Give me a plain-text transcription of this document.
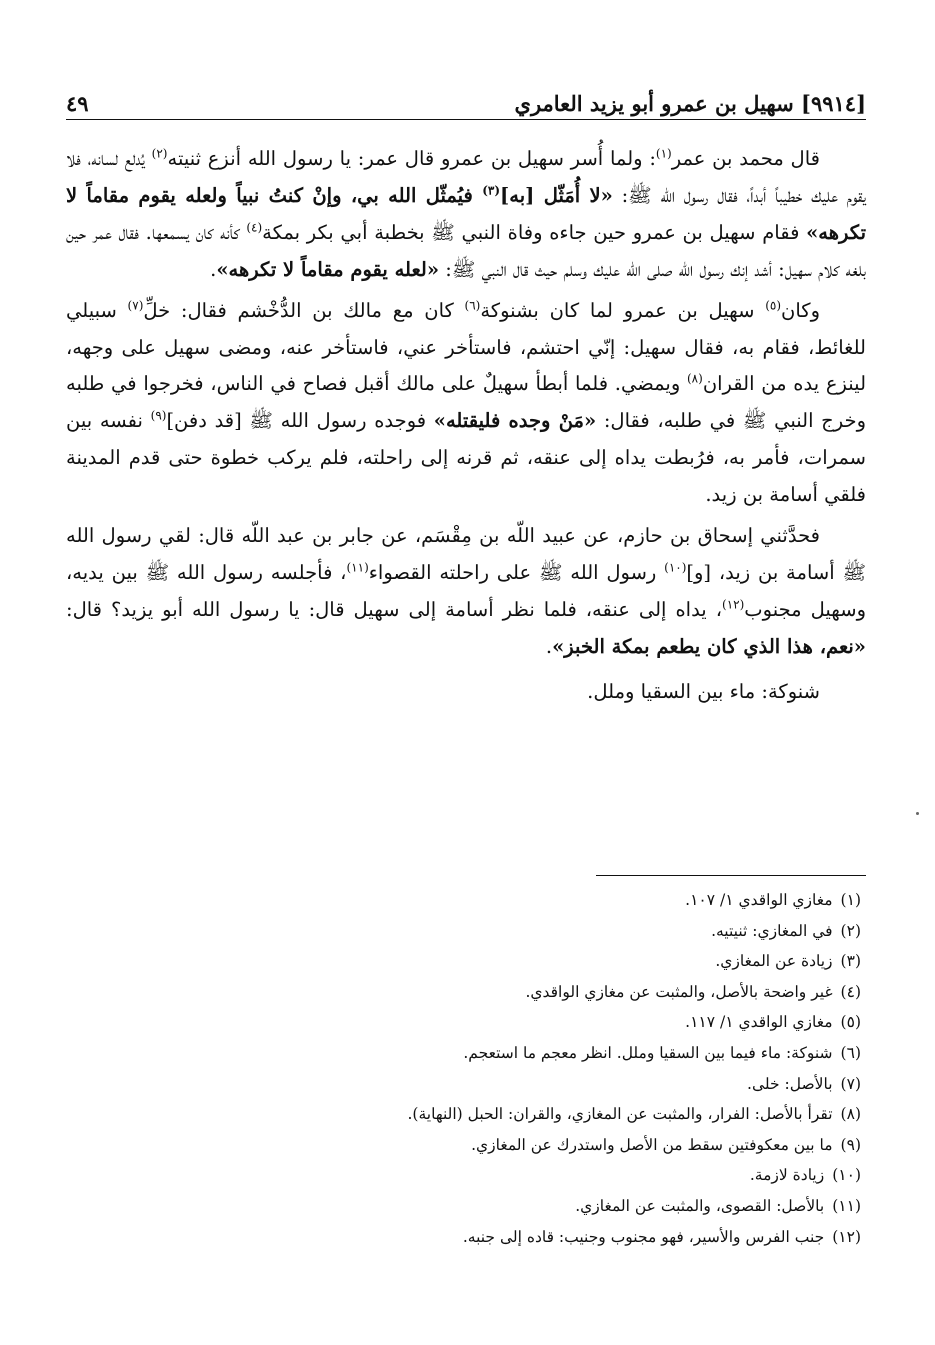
[٩٩١٤] سهيل بن عمرو أبو يزيد العامري
٤٩

قال محمد بن عمر$^{(١)}$: ولما أُسر سهيل بن عمرو قال عمر: يا رسول الله أنزع ثنيته$^{(٢)}$ يُدلع لسانه، فلا يقوم عليك خطيباً أبداً، فقال رسول الله ﷺ: «لا أُمَثّل [به]$^{(٣)}$ فيُمثّل الله بي، وإنْ كنتُ نبياً ولعله يقوم مقاماً لا تكرهه» فقام سهيل بن عمرو حين جاءه وفاة النبي ﷺ بخطبة أبي بكر بمكة$^{(٤)}$ كأنه كان يسمعها. فقال عمر حين بلغه كلام سهيل: أشد إنك رسول الله صلى الله عليك وسلم حيث قال النبي ﷺ: «لعله يقوم مقاماً لا تكرهه».

وكان$^{(٥)}$ سهيل بن عمرو لما كان بشنوكة$^{(٦)}$ كان مع مالك بن الدُّخْشم فقال: خلِّ$^{(٧)}$ سبيلي للغائط، فقام به، فقال سهيل: إنّي احتشم، فاستأخر عني، فاستأخر عنه، ومضى سهيل على وجهه، لينزع يده من القران$^{(٨)}$ ويمضي. فلما أبطأ سهيلٌ على مالك أقبل فصاح في الناس، فخرجوا في طلبه وخرج النبي ﷺ في طلبه، فقال: «مَنْ وجده فليقتله» فوجده رسول الله ﷺ [قد دفن]$^{(٩)}$ نفسه بين سمرات، فأمر به، فرُبطت يداه إلى عنقه، ثم قرنه إلى راحلته، فلم يركب خطوة حتى قدم المدينة فلقي أسامة بن زيد.

فحدَّثني إسحاق بن حازم، عن عبيد اللّه بن مِقْسَم، عن جابر بن عبد اللّه قال: لقي رسول الله ﷺ أسامة بن زيد، [و]$^{(١٠)}$ رسول الله ﷺ على راحلته القصواء$^{(١١)}$، فأجلسه رسول الله ﷺ بين يديه، وسهيل مجنوب$^{(١٢)}$، يداه إلى عنقه، فلما نظر أسامة إلى سهيل قال: يا رسول الله أبو يزيد؟ قال: «نعم، هذا الذي كان يطعم بمكة الخبز».

شنوكة: ماء بين السقيا وملل.

(١)مغازي الواقدي ١/ ١٠٧.
(٢)في المغازي: ثنيتيه.
(٣)زيادة عن المغازي.
(٤)غير واضحة بالأصل، والمثبت عن مغازي الواقدي.
(٥)مغازي الواقدي ١/ ١١٧.
(٦)شنوكة: ماء فيما بين السقيا وملل. انظر معجم ما استعجم.
(٧)بالأصل: خلى.
(٨)تقرأ بالأصل: الفرار، والمثبت عن المغازي، والقران: الحبل (النهاية).
(٩)ما بين معكوفتين سقط من الأصل واستدرك عن المغازي.
(١٠)زيادة لازمة.
(١١)بالأصل: القصوى، والمثبت عن المغازي.
(١٢)جنب الفرس والأسير، فهو مجنوب وجنيب: قاده إلى جنبه.
